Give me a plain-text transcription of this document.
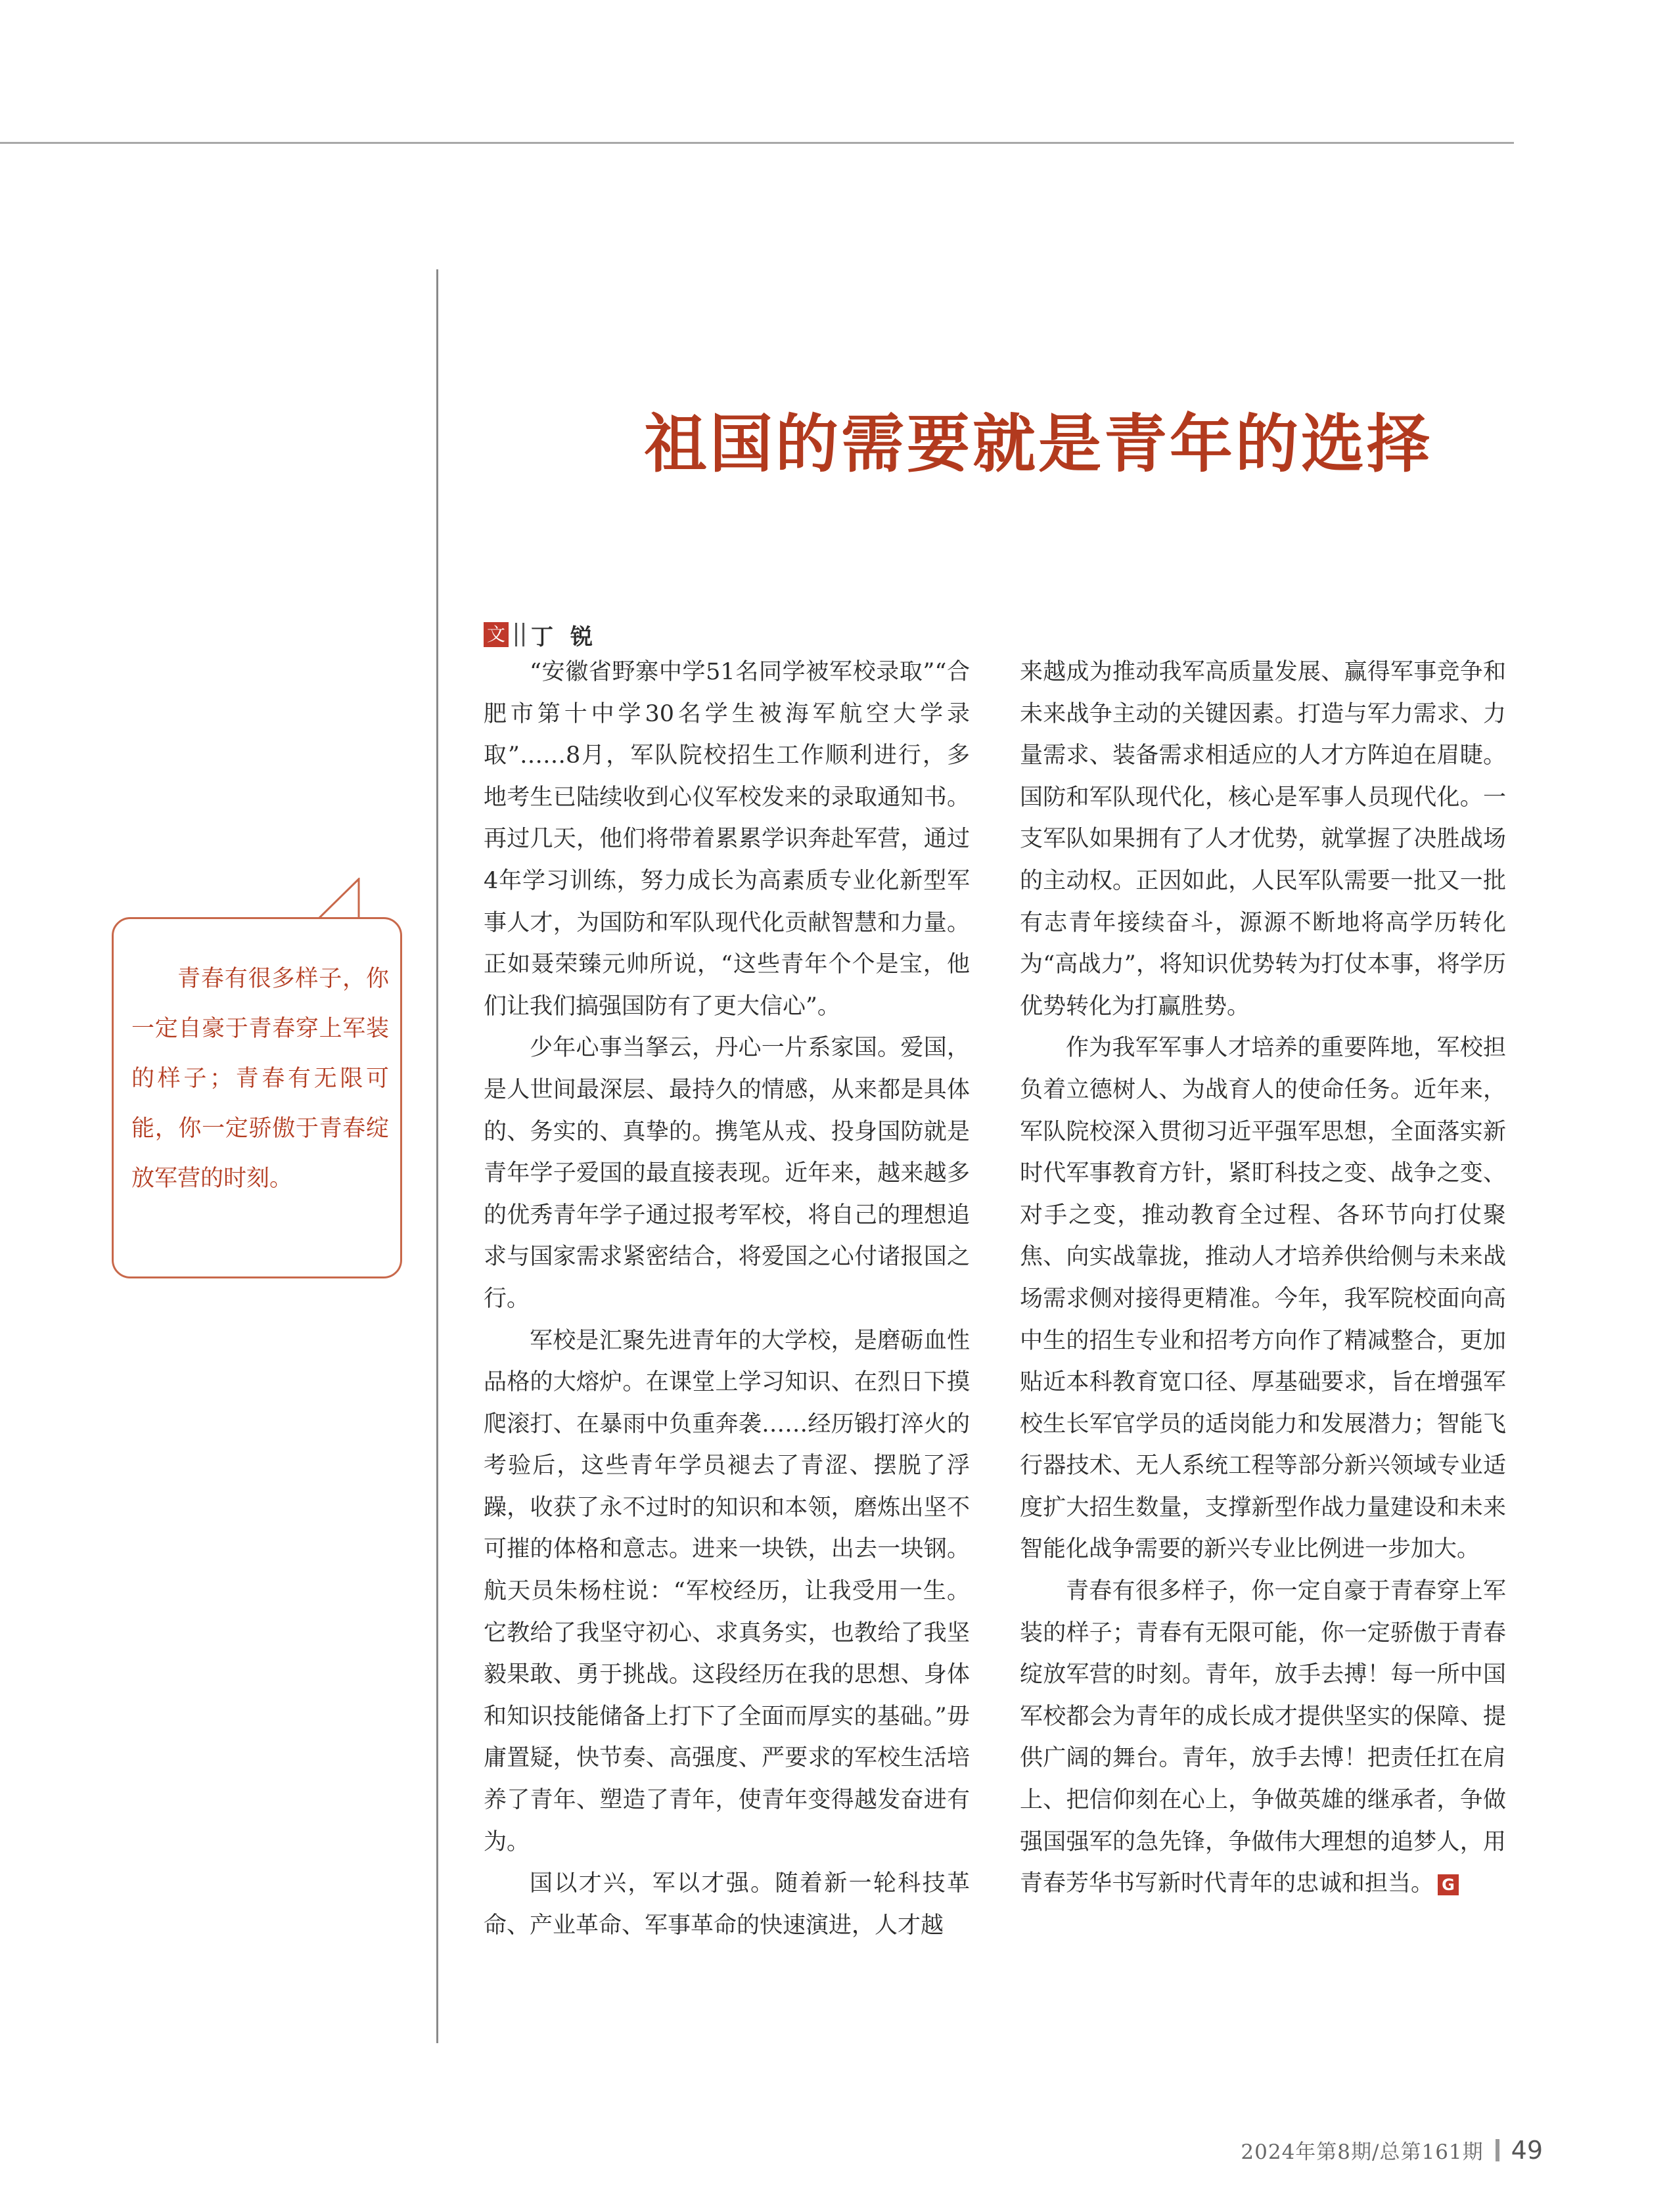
祖国的需要就是青年的选择
文 丁锐
青春有很多样子，你一定自豪于青春穿上军装的样子；青春有无限可能，你一定骄傲于青春绽放军营的时刻。

“安徽省野寨中学51名同学被军校录取”“合肥市第十中学30名学生被海军航空大学录取”……8月，军队院校招生工作顺利进行，多地考生已陆续收到心仪军校发来的录取通知书。再过几天，他们将带着累累学识奔赴军营，通过4年学习训练，努力成长为高素质专业化新型军事人才，为国防和军队现代化贡献智慧和力量。正如聂荣臻元帅所说，“这些青年个个是宝，他们让我们搞强国防有了更大信心”。

少年心事当拏云，丹心一片系家国。爱国，是人世间最深层、最持久的情感，从来都是具体的、务实的、真挚的。携笔从戎、投身国防就是青年学子爱国的最直接表现。近年来，越来越多的优秀青年学子通过报考军校，将自己的理想追求与国家需求紧密结合，将爱国之心付诸报国之行。

军校是汇聚先进青年的大学校，是磨砺血性品格的大熔炉。在课堂上学习知识、在烈日下摸爬滚打、在暴雨中负重奔袭……经历锻打淬火的考验后，这些青年学员褪去了青涩、摆脱了浮躁，收获了永不过时的知识和本领，磨炼出坚不可摧的体格和意志。进来一块铁，出去一块钢。航天员朱杨柱说：“军校经历，让我受用一生。它教给了我坚守初心、求真务实，也教给了我坚毅果敢、勇于挑战。这段经历在我的思想、身体和知识技能储备上打下了全面而厚实的基础。”毋庸置疑，快节奏、高强度、严要求的军校生活培养了青年、塑造了青年，使青年变得越发奋进有为。

国以才兴，军以才强。随着新一轮科技革命、产业革命、军事革命的快速演进，人才越

来越成为推动我军高质量发展、赢得军事竞争和未来战争主动的关键因素。打造与军力需求、力量需求、装备需求相适应的人才方阵迫在眉睫。国防和军队现代化，核心是军事人员现代化。一支军队如果拥有了人才优势，就掌握了决胜战场的主动权。正因如此，人民军队需要一批又一批有志青年接续奋斗，源源不断地将高学历转化为“高战力”，将知识优势转为打仗本事，将学历优势转化为打赢胜势。

作为我军军事人才培养的重要阵地，军校担负着立德树人、为战育人的使命任务。近年来，军队院校深入贯彻习近平强军思想，全面落实新时代军事教育方针，紧盯科技之变、战争之变、对手之变，推动教育全过程、各环节向打仗聚焦、向实战靠拢，推动人才培养供给侧与未来战场需求侧对接得更精准。今年，我军院校面向高中生的招生专业和招考方向作了精减整合，更加贴近本科教育宽口径、厚基础要求，旨在增强军校生长军官学员的适岗能力和发展潜力；智能飞行器技术、无人系统工程等部分新兴领域专业适度扩大招生数量，支撑新型作战力量建设和未来智能化战争需要的新兴专业比例进一步加大。

青春有很多样子，你一定自豪于青春穿上军装的样子；青春有无限可能，你一定骄傲于青春绽放军营的时刻。青年，放手去搏！每一所中国军校都会为青年的成长成才提供坚实的保障、提供广阔的舞台。青年，放手去博！把责任扛在肩上、把信仰刻在心上，争做英雄的继承者，争做强国强军的急先锋，争做伟大理想的追梦人，用青春芳华书写新时代青年的忠诚和担当。 G

2024年第8期/总第161期 49
